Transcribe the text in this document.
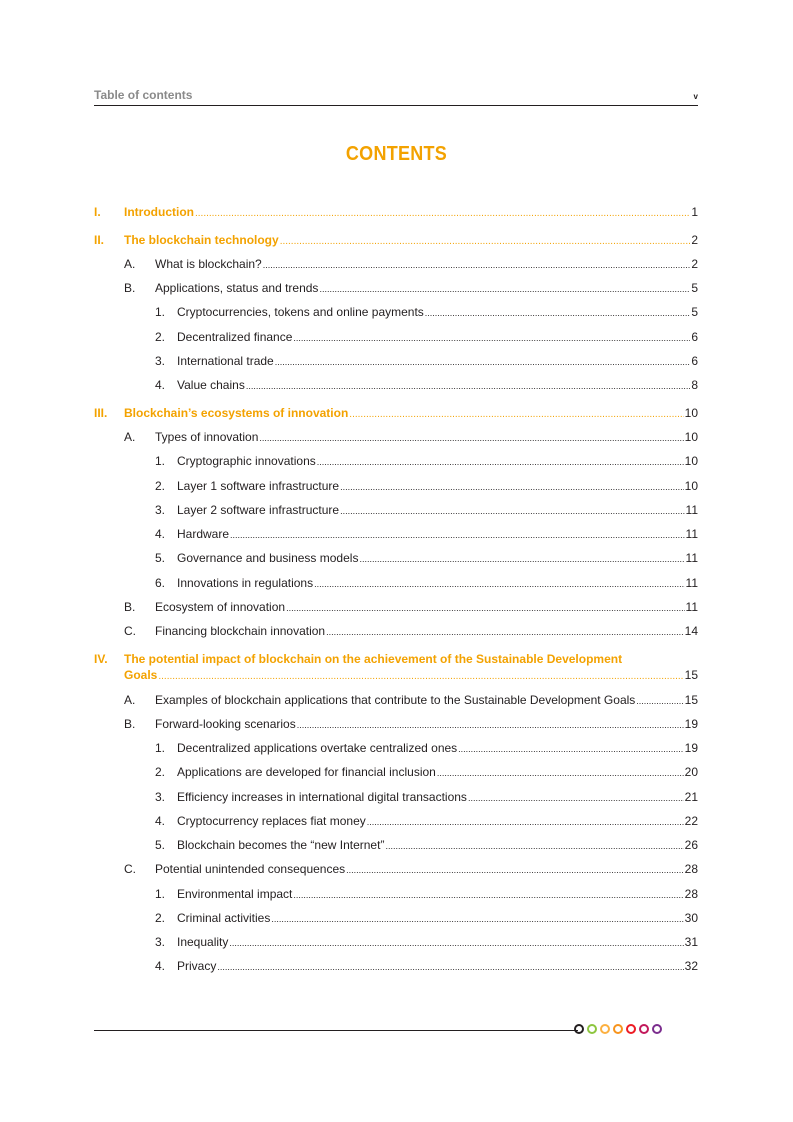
Table of contents	v
CONTENTS
I. Introduction .....	1
II. The blockchain technology .....	2
A. What is blockchain? .....	2
B. Applications, status and trends .....	5
1. Cryptocurrencies, tokens and online payments .....	5
2. Decentralized finance .....	6
3. International trade .....	6
4. Value chains .....	8
III. Blockchain’s ecosystems of innovation .....	10
A. Types of innovation .....	10
1. Cryptographic innovations .....	10
2. Layer 1 software infrastructure .....	10
3. Layer 2 software infrastructure .....	11
4. Hardware .....	11
5. Governance and business models .....	11
6. Innovations in regulations .....	11
B. Ecosystem of innovation .....	11
C. Financing blockchain innovation .....	14
IV. The potential impact of blockchain on the achievement of the Sustainable Development
Goals .....	15
A. Examples of blockchain applications that contribute to the Sustainable Development Goals .....	15
B. Forward-looking scenarios .....	19
1. Decentralized applications overtake centralized ones .....	19
2. Applications are developed for financial inclusion .....	20
3. Efficiency increases in international digital transactions .....	21
4. Cryptocurrency replaces fiat money .....	22
5. Blockchain becomes the “new Internet” .....	26
C. Potential unintended consequences .....	28
1. Environmental impact .....	28
2. Criminal activities .....	30
3. Inequality .....	31
4. Privacy .....	32
